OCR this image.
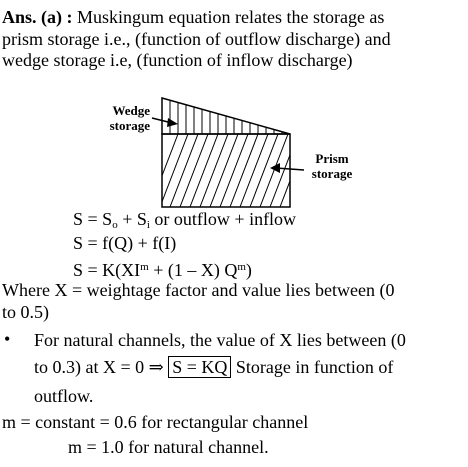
Ans. (a) : Muskingum equation relates the storage as
prism storage i.e., (function of outflow discharge) and
wedge storage i.e, (function of inflow discharge)
Wedge
storage
Prism
storage
$S = S_o + S_i$ or outflow + inflow
S = f(Q) + f(I)
$S = K(XI^m + (1 - X)$ $Q^m$)
Where X = weightage factor and value lies between (0
to 0.5)
• For natural channels, the value of X lies between (0
to 0.3) at X = 0 ⇒ S = KQ Storage in function of
outflow.
m = constant = 0.6 for rectangular channel
m = 1.0 for natural channel.
